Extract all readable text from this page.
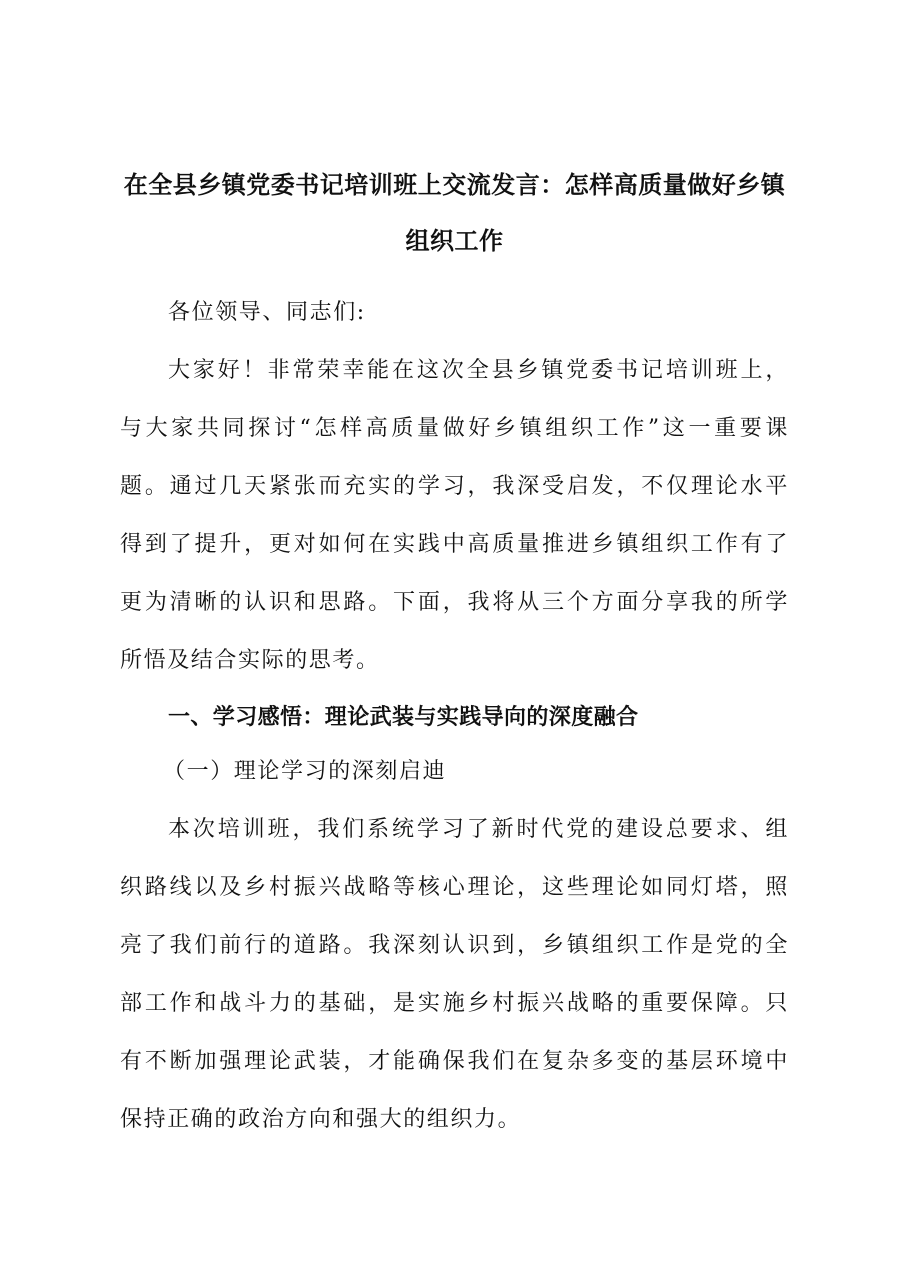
在全县乡镇党委书记培训班上交流发言：怎样高质量做好乡镇
组织工作
各位领导、同志们:
大家好！非常荣幸能在这次全县乡镇党委书记培训班上，
与大家共同探讨“怎样高质量做好乡镇组织工作”这一重要课
题。通过几天紧张而充实的学习，我深受启发，不仅理论水平
得到了提升，更对如何在实践中高质量推进乡镇组织工作有了
更为清晰的认识和思路。下面，我将从三个方面分享我的所学
所悟及结合实际的思考。
一、学习感悟：理论武装与实践导向的深度融合
（一）理论学习的深刻启迪
本次培训班，我们系统学习了新时代党的建设总要求、组
织路线以及乡村振兴战略等核心理论，这些理论如同灯塔，照
亮了我们前行的道路。我深刻认识到，乡镇组织工作是党的全
部工作和战斗力的基础，是实施乡村振兴战略的重要保障。只
有不断加强理论武装，才能确保我们在复杂多变的基层环境中
保持正确的政治方向和强大的组织力。
